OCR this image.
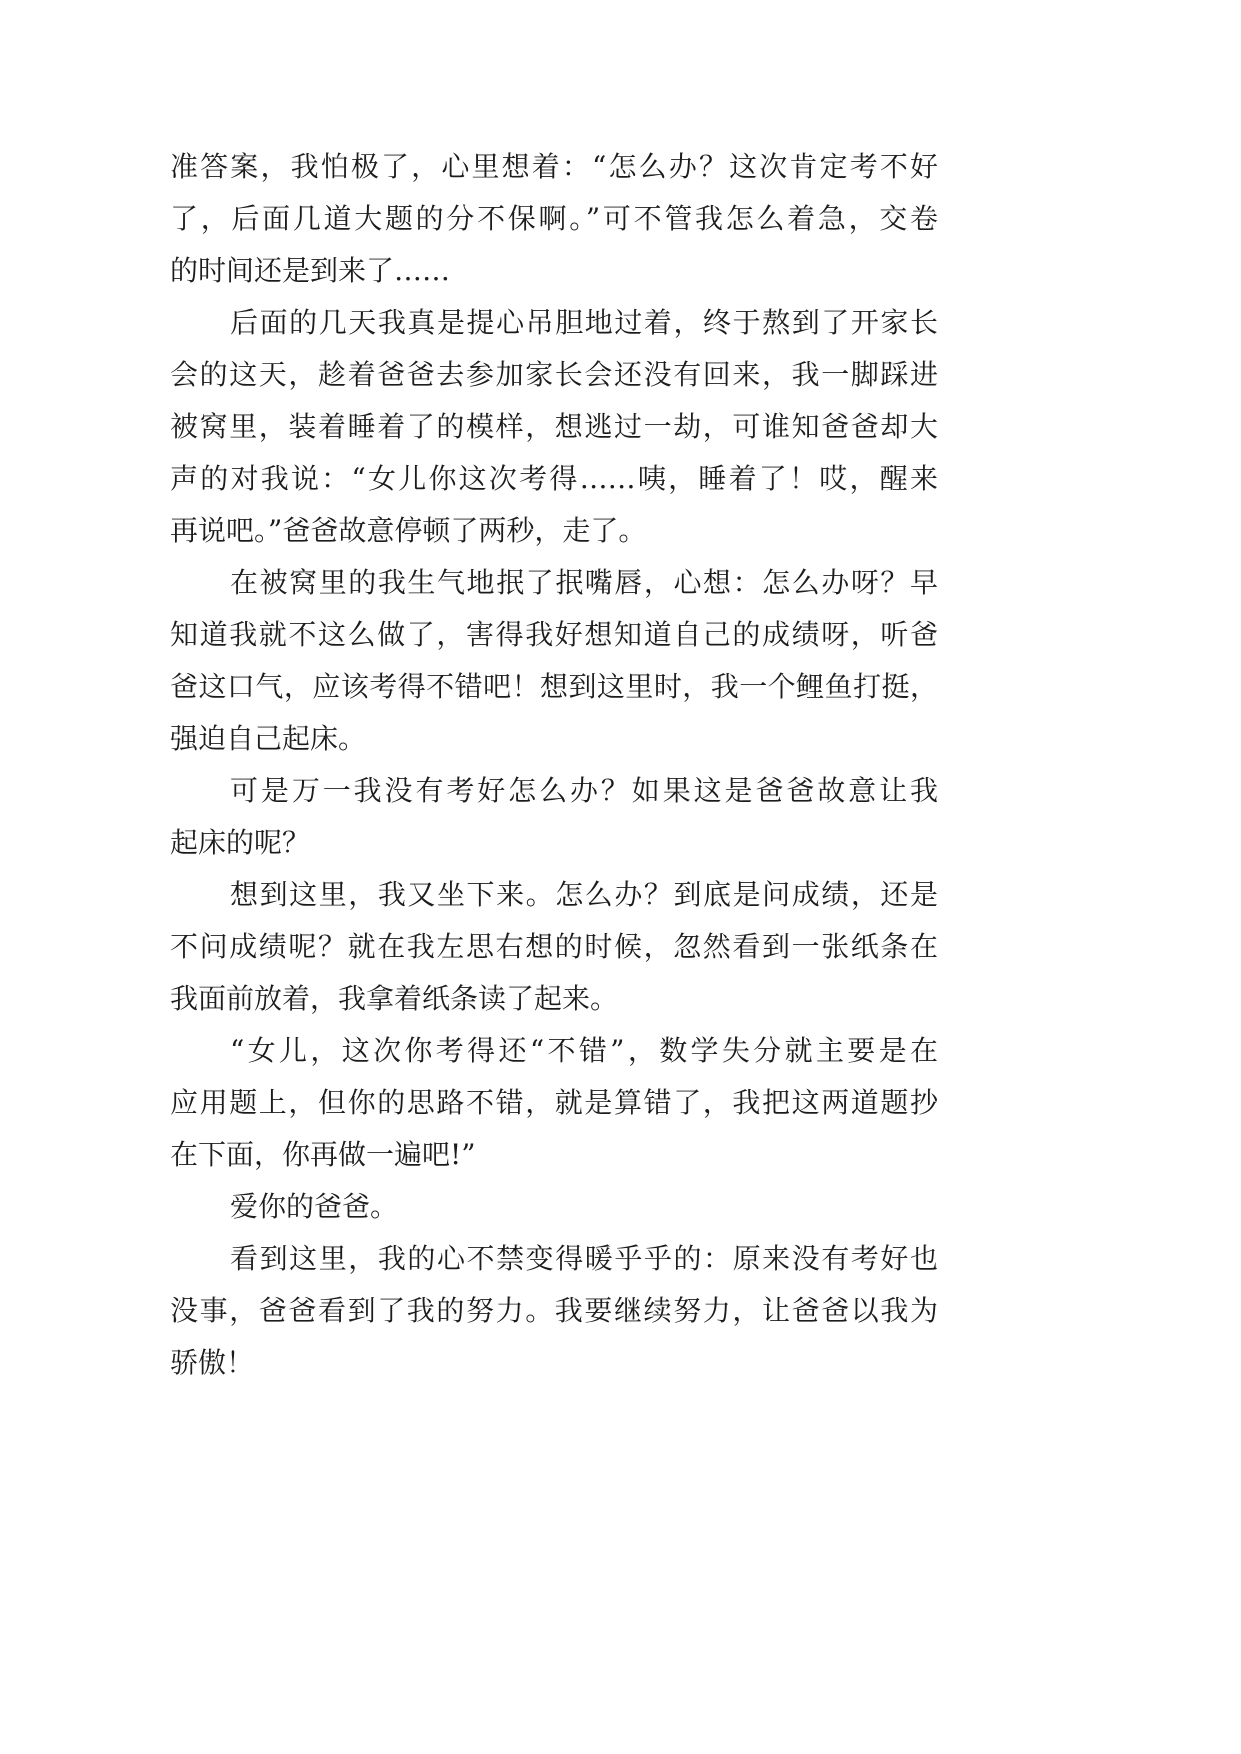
准答案，我怕极了，心里想着：“怎么办？这次肯定考不好
了，后面几道大题的分不保啊。”可不管我怎么着急，交卷
的时间还是到来了……
后面的几天我真是提心吊胆地过着，终于熬到了开家长
会的这天，趁着爸爸去参加家长会还没有回来，我一脚踩进
被窝里，装着睡着了的模样，想逃过一劫，可谁知爸爸却大
声的对我说：“女儿你这次考得……咦，睡着了！哎，醒来
再说吧。”爸爸故意停顿了两秒，走了。
在被窝里的我生气地抿了抿嘴唇，心想：怎么办呀？早
知道我就不这么做了，害得我好想知道自己的成绩呀，听爸
爸这口气，应该考得不错吧！想到这里时，我一个鲤鱼打挺，
强迫自己起床。
可是万一我没有考好怎么办？如果这是爸爸故意让我
起床的呢？
想到这里，我又坐下来。怎么办？到底是问成绩，还是
不问成绩呢？就在我左思右想的时候，忽然看到一张纸条在
我面前放着，我拿着纸条读了起来。
“女儿，这次你考得还“不错”，数学失分就主要是在
应用题上，但你的思路不错，就是算错了，我把这两道题抄
在下面，你再做一遍吧!”
爱你的爸爸。
看到这里，我的心不禁变得暖乎乎的：原来没有考好也
没事，爸爸看到了我的努力。我要继续努力，让爸爸以我为
骄傲！
